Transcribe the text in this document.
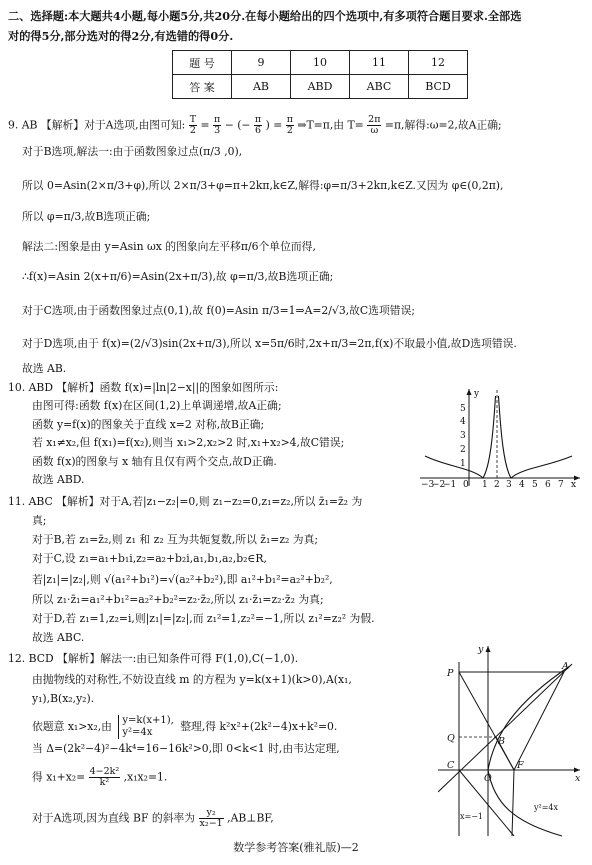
二、选择题:本大题共4小题,每小题5分,共20分.在每小题给出的四个选项中,有多项符合题目要求.全部选
对的得5分,部分选对的得2分,有选错的得0分.
题 号	9	10	11	12
答 案	AB	ABD	ABC	BCD
9. AB 【解析】对于A选项,由图可知: $\frac{T}{2} = \frac{\pi}{3}$ − (− $\frac{\pi}{6}$ ) = $\frac{\pi}{2}$ ⇒T=π,由 $T= \frac{2\pi}{\omega} =\pi$,解得:ω=2,故A正确;
对于B选项,解法一:由于函数图象过点(π/3 ,0),
所以 0=Asin(2×π/3+φ),所以 2×π/3+φ=π+2kπ,k∈Z,解得:φ=π/3+2kπ,k∈Z.又因为 φ∈(0,2π),
所以 φ=π/3,故B选项正确;
解法二:图象是由 y=Asin ωx 的图象向左平移π/6个单位而得,
∴f(x)=Asin 2(x+π/6)=Asin(2x+π/3),故 φ=π/3,故B选项正确;
对于C选项,由于函数图象过点(0,1),故 f(0)=Asin π/3=1⇒A=2/√3,故C选项错误;
对于D选项,由于 f(x)=(2/√3)sin(2x+π/3),所以 x=5π/6时,2x+π/3=2π,f(x)不取最小值,故D选项错误.
故选 AB.
10. ABD 【解析】函数 f(x)=|ln|2−x||的图象如图所示:
由图可得:函数 f(x)在区间(1,2)上单调递增,故A正确;
函数 y=f(x)的图象关于直线 x=2 对称,故B正确;
若 x₁≠x₂,但 f(x₁)=f(x₂),则当 x₁>2,x₂>2 时,x₁+x₂>4,故C错误;
函数 f(x)的图象与 x 轴有且仅有两个交点,故D正确.
故选 ABD.
5
4
3
2
1
y
x
−3
−2
−1 0 1 2 3 4 5 6 7
11. ABC 【解析】对于A,若|z₁−z₂|=0,则 z₁−z₂=0,z₁=z₂,所以 z̄₁=z̄₂ 为
真;
对于B,若 z₁=z̄₂,则 z₁ 和 z₂ 互为共轭复数,所以 z̄₁=z₂ 为真;
对于C,设 z₁=a₁+b₁i,z₂=a₂+b₂i,a₁,b₁,a₂,b₂∈R,
若|z₁|=|z₂|,则 √(a₁²+b₁²)=√(a₂²+b₂²),即 a₁²+b₁²=a₂²+b₂²,
所以 z₁·z̄₁=a₁²+b₁²=a₂²+b₂²=z₂·z̄₂,所以 z₁·z̄₁=z₂·z̄₂ 为真;
对于D,若 z₁=1,z₂=i,则|z₁|=|z₂|,而 z₁²=1,z₂²=−1,所以 z₁²=z₂² 为假.
故选 ABC.
12. BCD 【解析】解法一:由已知条件可得 F(1,0),C(−1,0).
由抛物线的对称性,不妨设直线 m 的方程为 y=k(x+1)(k>0),A(x₁,
y₁),B(x₂,y₂).
依题意 x₁>x₂,由 y=k(x+1),
y²=4x	整理,得 k²x²+(2k²−4)x+k²=0.
当 Δ=(2k²−4)²−4k⁴=16−16k²>0,即 0<k<1 时,由韦达定理,
得 $x_1+x_2= \frac{\text{4−2k²}}{\text{k²}} ,x_1x_2=1$.
对于A选项,因为直线 BF 的斜率为 $\frac{\text{y₂}}{\text{x₂−1}}$ ,AB⊥BF,
P
A
Q	B
C
O
F
x
y
x=−1
y²=4x
数学参考答案(雅礼版)—2
